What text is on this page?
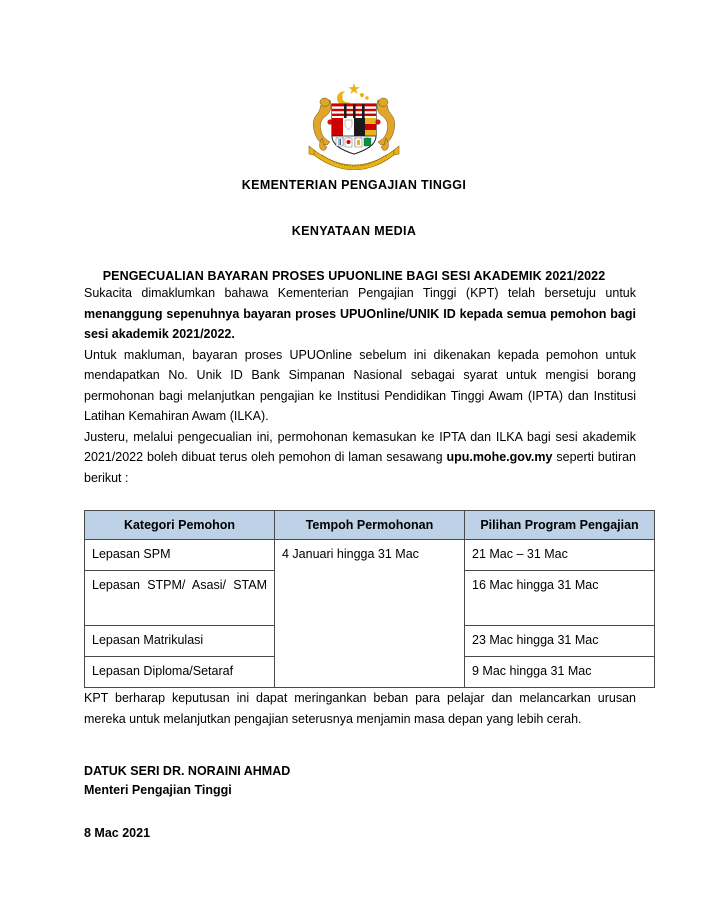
KEMENTERIAN PENGAJIAN TINGGI
KENYATAAN MEDIA
PENGECUALIAN BAYARAN PROSES UPUONLINE BAGI SESI AKADEMIK 2021/2022

Sukacita dimaklumkan bahawa Kementerian Pengajian Tinggi (KPT) telah bersetuju untuk menanggung sepenuhnya bayaran proses UPUOnline/UNIK ID kepada semua pemohon bagi sesi akademik 2021/2022.

Untuk makluman, bayaran proses UPUOnline sebelum ini dikenakan kepada pemohon untuk mendapatkan No. Unik ID Bank Simpanan Nasional sebagai syarat untuk mengisi borang permohonan bagi melanjutkan pengajian ke Institusi Pendidikan Tinggi Awam (IPTA) dan Institusi Latihan Kemahiran Awam (ILKA).

Justeru, melalui pengecualian ini, permohonan kemasukan ke IPTA dan ILKA bagi sesi akademik 2021/2022 boleh dibuat terus oleh pemohon di laman sesawang upu.mohe.gov.my seperti butiran berikut :

Kategori Pemohon	Tempoh Permohonan	Pilihan Program Pengajian
Lepasan SPM	4 Januari hingga 31 Mac	21 Mac – 31 Mac
Lepasan STPM/ Asasi/ STAM		16 Mac hingga 31 Mac
Lepasan Matrikulasi		23 Mac hingga 31 Mac
Lepasan Diploma/Setaraf		9 Mac hingga 31 Mac

KPT berharap keputusan ini dapat meringankan beban para pelajar dan melancarkan urusan mereka untuk melanjutkan pengajian seterusnya menjamin masa depan yang lebih cerah.

DATUK SERI DR. NORAINI AHMAD
Menteri Pengajian Tinggi
8 Mac 2021
